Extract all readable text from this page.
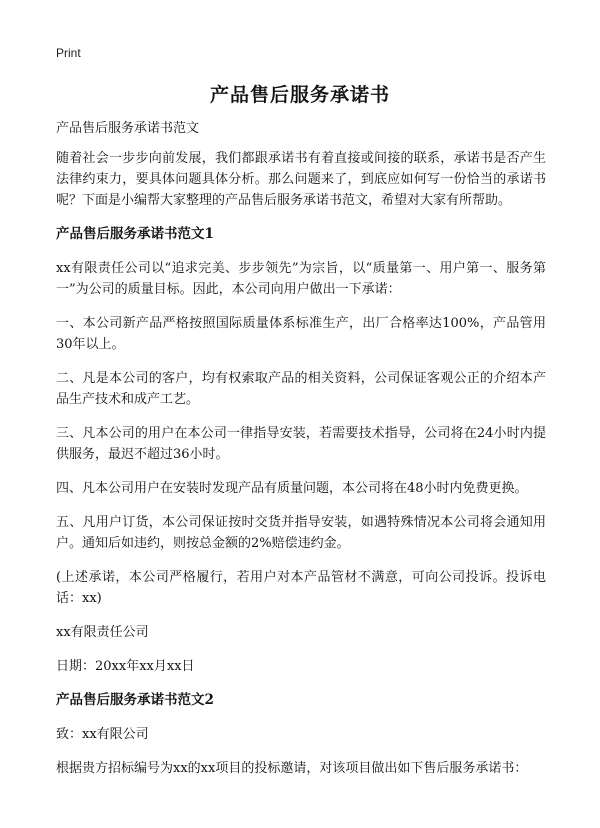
Print
产品售后服务承诺书

产品售后服务承诺书范文

随着社会一步步向前发展，我们都跟承诺书有着直接或间接的联系，承诺书是否产生法律约束力，要具体问题具体分析。那么问题来了，到底应如何写一份恰当的承诺书呢？下面是小编帮大家整理的产品售后服务承诺书范文，希望对大家有所帮助。

产品售后服务承诺书范文1

xx有限责任公司以“追求完美、步步领先”为宗旨，以“质量第一、用户第一、服务第一”为公司的质量目标。因此，本公司向用户做出一下承诺：

一、本公司新产品严格按照国际质量体系标准生产，出厂合格率达100%，产品管用30年以上。

二、凡是本公司的客户，均有权索取产品的相关资料，公司保证客观公正的介绍本产品生产技术和成产工艺。

三、凡本公司的用户在本公司一律指导安装，若需要技术指导，公司将在24小时内提供服务，最迟不超过36小时。

四、凡本公司用户在安装时发现产品有质量问题，本公司将在48小时内免费更换。

五、凡用户订货，本公司保证按时交货并指导安装，如遇特殊情况本公司将会通知用户。通知后如违约，则按总金额的2%赔偿违约金。

(上述承诺，本公司严格履行，若用户对本产品管材不满意，可向公司投诉。投诉电话：xx)

xx有限责任公司

日期：20xx年xx月xx日

产品售后服务承诺书范文2

致：xx有限公司

根据贵方招标编号为xx的xx项目的投标邀请，对该项目做出如下售后服务承诺书：
